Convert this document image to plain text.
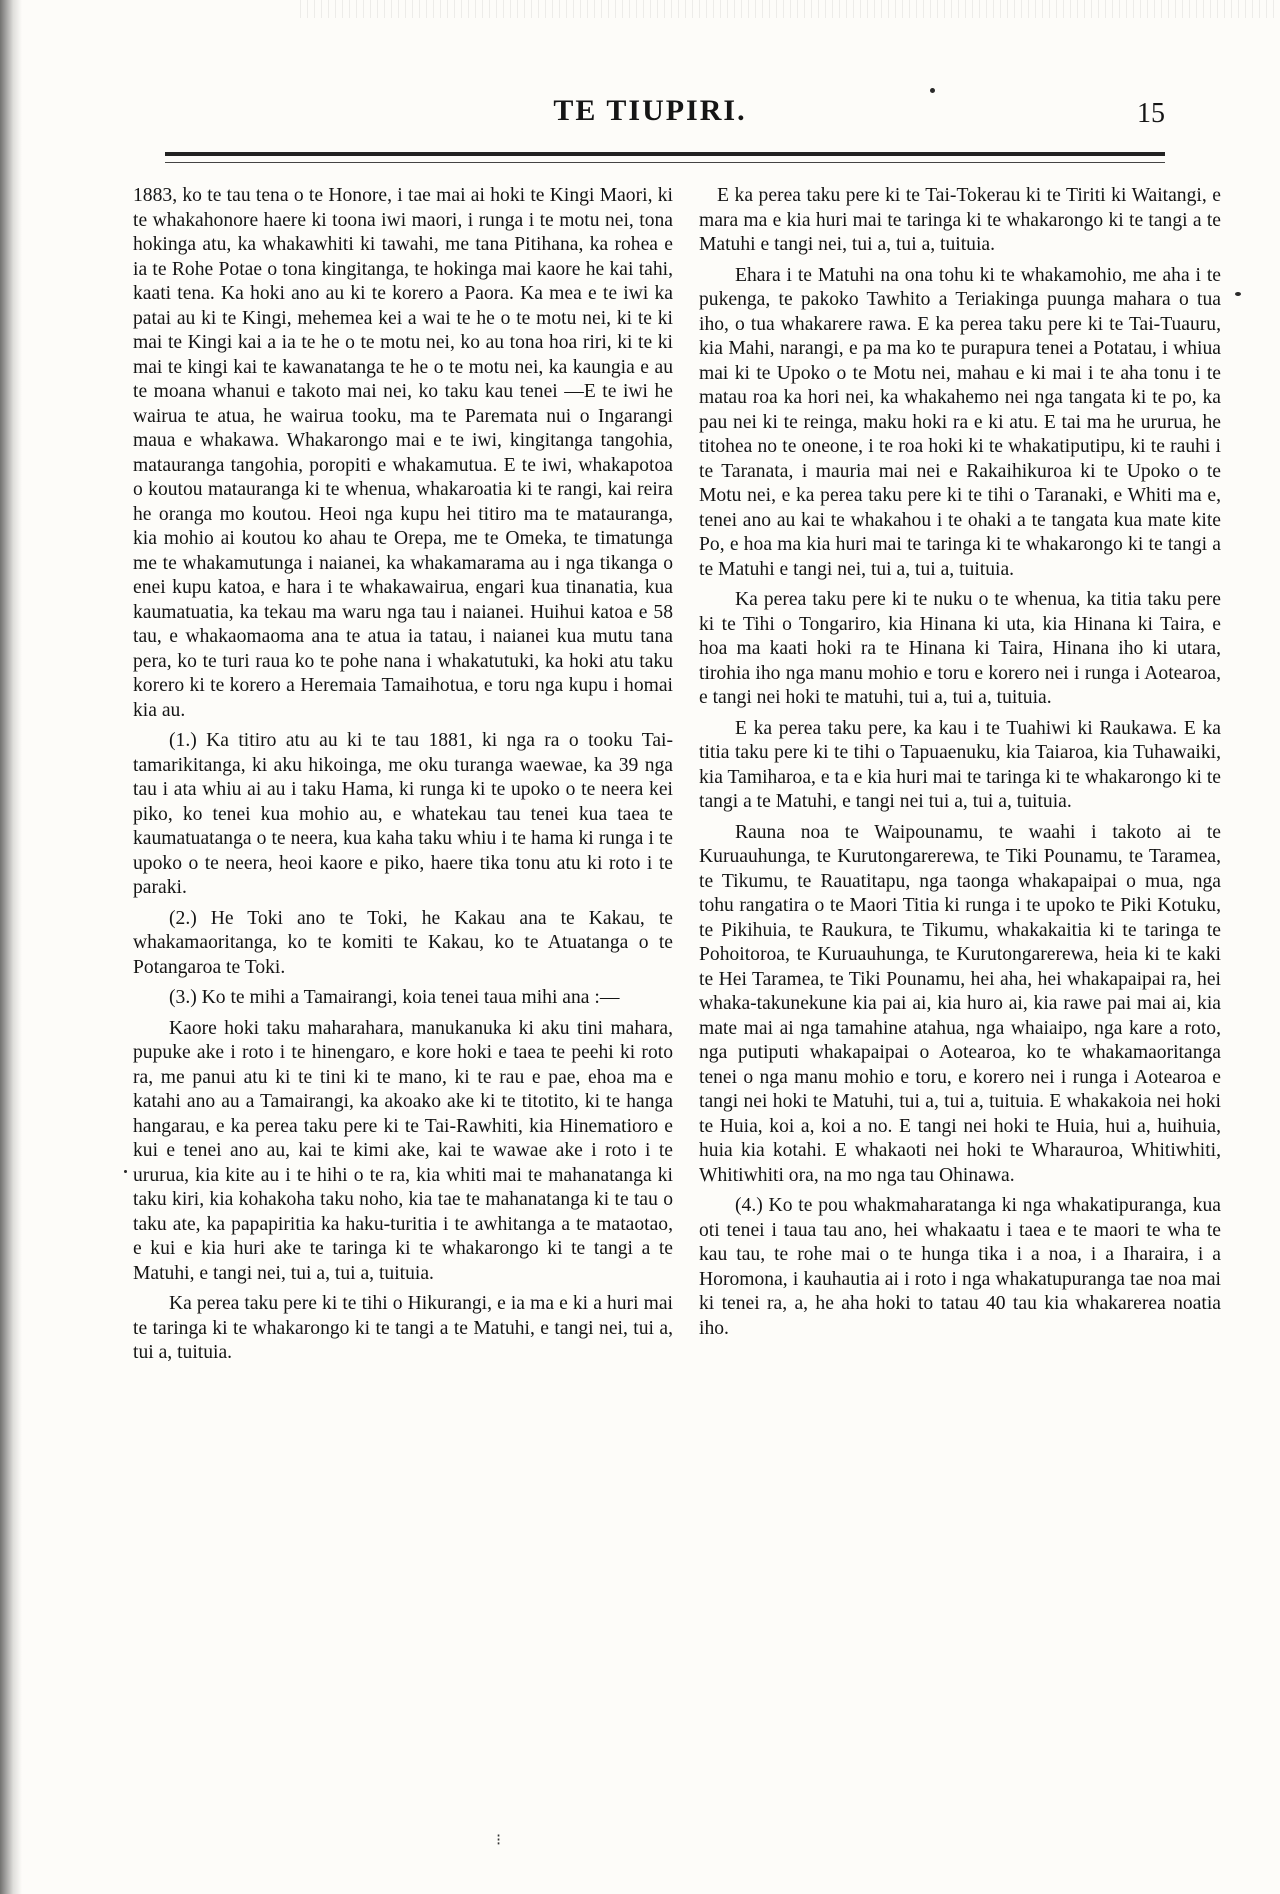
TE TIUPIRI.	15

1883, ko te tau tena o te Honore, i tae mai ai hoki te Kingi Maori, ki te whakahonore haere ki toona iwi maori, i runga i te motu nei, tona hokinga atu, ka whakawhiti ki tawahi, me tana Pitihana, ka rohea e ia te Rohe Potae o tona kingitanga, te hokinga mai kaore he kai tahi, kaati tena. Ka hoki ano au ki te korero a Paora. Ka mea e te iwi ka patai au ki te Kingi, mehemea kei a wai te he o te motu nei, ki te ki mai te Kingi kai a ia te he o te motu nei, ko au tona hoa riri, ki te ki mai te kingi kai te kawanatanga te he o te motu nei, ka kaungia e au te moana whanui e takoto mai nei, ko taku kau tenei —E te iwi he wairua te atua, he wairua tooku, ma te Paremata nui o Ingarangi maua e whakawa. Whakarongo mai e te iwi, kingitanga tangohia, matauranga tangohia, poropiti e whakamutua. E te iwi, whakapotoa o koutou matauranga ki te whenua, whakaroatia ki te rangi, kai reira he oranga mo koutou. Heoi nga kupu hei titiro ma te matauranga, kia mohio ai koutou ko ahau te Orepa, me te Omeka, te timatunga me te whakamutunga i naianei, ka whakamarama au i nga tikanga o enei kupu katoa, e hara i te whakawairua, engari kua tinanatia, kua kaumatuatia, ka tekau ma waru nga tau i naianei. Huihui katoa e 58 tau, e whakaomaoma ana te atua ia tatau, i naianei kua mutu tana pera, ko te turi raua ko te pohe nana i whakatutuki, ka hoki atu taku korero ki te korero a Heremaia Tamaihotua, e toru nga kupu i homai kia au.

(1.) Ka titiro atu au ki te tau 1881, ki nga ra o tooku Tai-tamarikitanga, ki aku hikoinga, me oku turanga waewae, ka 39 nga tau i ata whiu ai au i taku Hama, ki runga ki te upoko o te neera kei piko, ko tenei kua mohio au, e whatekau tau tenei kua taea te kaumatuatanga o te neera, kua kaha taku whiu i te hama ki runga i te upoko o te neera, heoi kaore e piko, haere tika tonu atu ki roto i te paraki.

(2.) He Toki ano te Toki, he Kakau ana te Kakau, te whakamaoritanga, ko te komiti te Kakau, ko te Atuatanga o te Potangaroa te Toki.

(3.) Ko te mihi a Tamairangi, koia tenei taua mihi ana :—

Kaore hoki taku maharahara, manukanuka ki aku tini mahara, pupuke ake i roto i te hinengaro, e kore hoki e taea te peehi ki roto ra, me panui atu ki te tini ki te mano, ki te rau e pae, ehoa ma e katahi ano au a Tamairangi, ka akoako ake ki te titotito, ki te hanga hangarau, e ka perea taku pere ki te Tai-Rawhiti, kia Hinematioro e kui e tenei ano au, kai te kimi ake, kai te wawae ake i roto i te ururua, kia kite au i te hihi o te ra, kia whiti mai te mahanatanga ki taku kiri, kia kohakoha taku noho, kia tae te mahanatanga ki te tau o taku ate, ka papapiritia ka haku-turitia i te awhitanga a te mataotao, e kui e kia huri ake te taringa ki te whakarongo ki te tangi a te Matuhi, e tangi nei, tui a, tui a, tuituia.

Ka perea taku pere ki te tihi o Hikurangi, e ia ma e ki a huri mai te taringa ki te whakarongo ki te tangi a te Matuhi, e tangi nei, tui a, tui a, tuituia.

E ka perea taku pere ki te Tai-Tokerau ki te Tiriti ki Waitangi, e mara ma e kia huri mai te taringa ki te whakarongo ki te tangi a te Matuhi e tangi nei, tui a, tui a, tuituia.

Ehara i te Matuhi na ona tohu ki te whakamohio, me aha i te pukenga, te pakoko Tawhito a Teriakinga puunga mahara o tua iho, o tua whakarere rawa. E ka perea taku pere ki te Tai-Tuauru, kia Mahi, narangi, e pa ma ko te purapura tenei a Potatau, i whiua mai ki te Upoko o te Motu nei, mahau e ki mai i te aha tonu i te matau roa ka hori nei, ka whakahemo nei nga tangata ki te po, ka pau nei ki te reinga, maku hoki ra e ki atu. E tai ma he ururua, he titohea no te oneone, i te roa hoki ki te whakatiputipu, ki te rauhi i te Taranata, i mauria mai nei e Rakaihikuroa ki te Upoko o te Motu nei, e ka perea taku pere ki te tihi o Taranaki, e Whiti ma e, tenei ano au kai te whakahou i te ohaki a te tangata kua mate kite Po, e hoa ma kia huri mai te taringa ki te whakarongo ki te tangi a te Matuhi e tangi nei, tui a, tui a, tuituia.

Ka perea taku pere ki te nuku o te whenua, ka titia taku pere ki te Tihi o Tongariro, kia Hinana ki uta, kia Hinana ki Taira, e hoa ma kaati hoki ra te Hinana ki Taira, Hinana iho ki utara, tirohia iho nga manu mohio e toru e korero nei i runga i Aotearoa, e tangi nei hoki te matuhi, tui a, tui a, tuituia.

E ka perea taku pere, ka kau i te Tuahiwi ki Raukawa. E ka titia taku pere ki te tihi o Tapuaenuku, kia Taiaroa, kia Tuhawaiki, kia Tamiharoa, e ta e kia huri mai te taringa ki te whakarongo ki te tangi a te Matuhi, e tangi nei tui a, tui a, tuituia.

Rauna noa te Waipounamu, te waahi i takoto ai te Kuruauhunga, te Kurutongarerewa, te Tiki Pounamu, te Taramea, te Tikumu, te Rauatitapu, nga taonga whakapaipai o mua, nga tohu rangatira o te Maori Titia ki runga i te upoko te Piki Kotuku, te Pikihuia, te Raukura, te Tikumu, whakakaitia ki te taringa te Pohoitoroa, te Kuruauhunga, te Kurutongarerewa, heia ki te kaki te Hei Taramea, te Tiki Pounamu, hei aha, hei whakapaipai ra, hei whaka-takunekune kia pai ai, kia huro ai, kia rawe pai mai ai, kia mate mai ai nga tamahine atahua, nga whaiaipo, nga kare a roto, nga putiputi whakapaipai o Aotearoa, ko te whakamaoritanga tenei o nga manu mohio e toru, e korero nei i runga i Aotearoa e tangi nei hoki te Matuhi, tui a, tui a, tuituia. E whakakoia nei hoki te Huia, koi a, koi a no. E tangi nei hoki te Huia, hui a, huihuia, huia kia kotahi. E whakaoti nei hoki te Wharauroa, Whitiwhiti, Whitiwhiti ora, na mo nga tau Ohinawa.

(4.) Ko te pou whakmaharatanga ki nga whakatipuranga, kua oti tenei i taua tau ano, hei whakaatu i taea e te maori te wha te kau tau, te rohe mai o te hunga tika i a noa, i a Iharaira, i a Horomona, i kauhautia ai i roto i nga whakatupuranga tae noa mai ki tenei ra, a, he aha hoki to tatau 40 tau kia whakarerea noatia iho.

⁝
